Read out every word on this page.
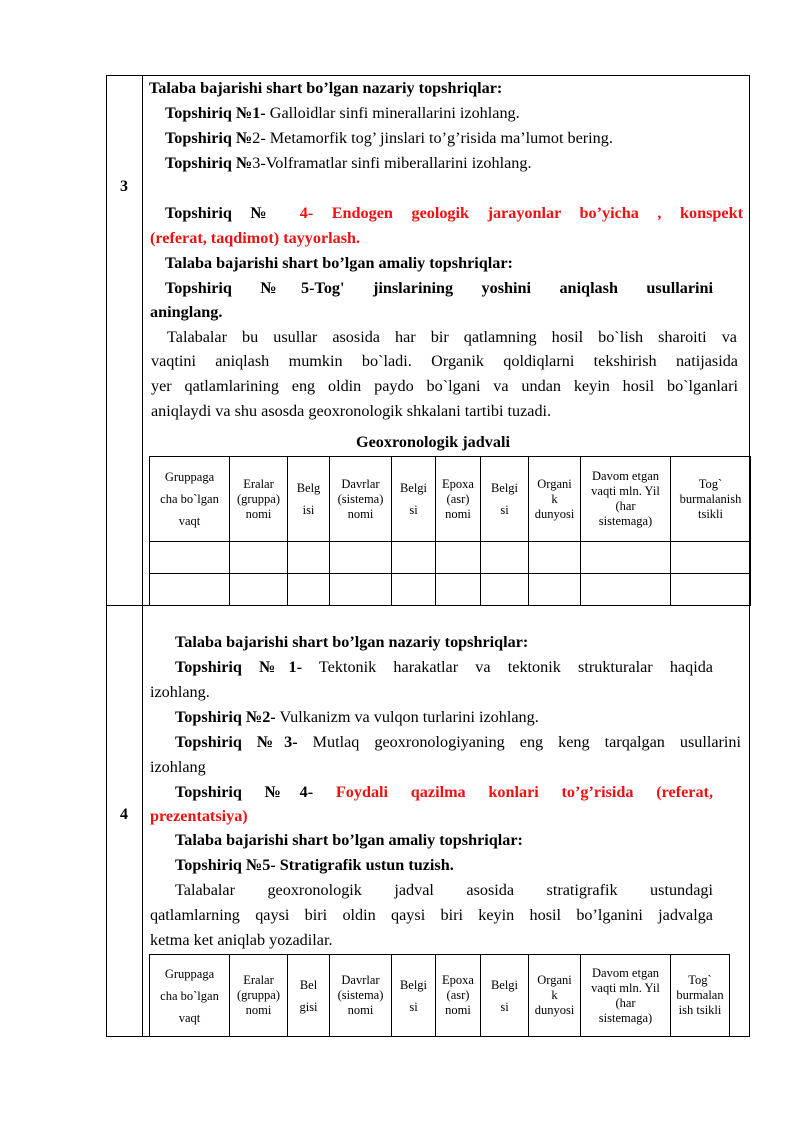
3
Talaba bajarishi shart bo’lgan nazariy topshriqlar:
Topshiriq №1- Galloidlar sinfi minerallarini izohlang.
Topshiriq №2- Metamorfik tog’ jinslari to’g’risida ma’lumot bering.
Topshiriq №3-Volframatlar sinfi miberallarini izohlang.
Topshiriq № 4- Endogen geologik jarayonlar bo’yicha , konspekt
(referat, taqdimot) tayyorlash.
Talaba bajarishi shart bo’lgan amaliy topshriqlar:
Topshiriq №5-Tog' jinslarining yoshini aniqlash usullarini
aninglang.
Talabalar bu usullar asosida har bir qatlamning hosil bo`lish sharoiti va
vaqtini aniqlash mumkin bo`ladi. Organik qoldiqlarni tekshirish natijasida
yer qatlamlarining eng oldin paydo bo`lgani va undan keyin hosil bo`lganlari
aniqlaydi va shu asosda geoxronologik shkalani tartibi tuzadi.
Geoxronologik jadvali
Gruppaga
cha bo`lgan
vaqt	Eralar
(gruppa)
nomi	Belg
isi	Davrlar
(sistema)
nomi	Belgi
si	Epoxa
(asr)
nomi	Belgi
si	Organi
k
dunyosi	Davom etgan
vaqti mln. Yil
(har
sistemaga)	Tog`
burmalanish
tsikli

4
Talaba bajarishi shart bo’lgan nazariy topshriqlar:
Topshiriq №1- Tektonik harakatlar va tektonik strukturalar haqida
izohlang.
Topshiriq №2- Vulkanizm va vulqon turlarini izohlang.
Topshiriq №3- Mutlaq geoxronologiyaning eng keng tarqalgan usullarini
izohlang
Topshiriq №4- Foydali qazilma konlari to’g’risida (referat,
prezentatsiya)
Talaba bajarishi shart bo’lgan amaliy topshriqlar:
Topshiriq №5- Stratigrafik ustun tuzish.
Talabalar geoxronologik jadval asosida stratigrafik ustundagi
qatlamlarning qaysi biri oldin qaysi biri keyin hosil bo’lganini jadvalga
ketma ket aniqlab yozadilar.
Gruppaga
cha bo`lgan
vaqt	Eralar
(gruppa)
nomi	Bel
gisi	Davrlar
(sistema)
nomi	Belgi
si	Epoxa
(asr)
nomi	Belgi
si	Organi
k
dunyosi	Davom etgan
vaqti mln. Yil
(har
sistemaga)	Tog`
burmalan
ish tsikli
